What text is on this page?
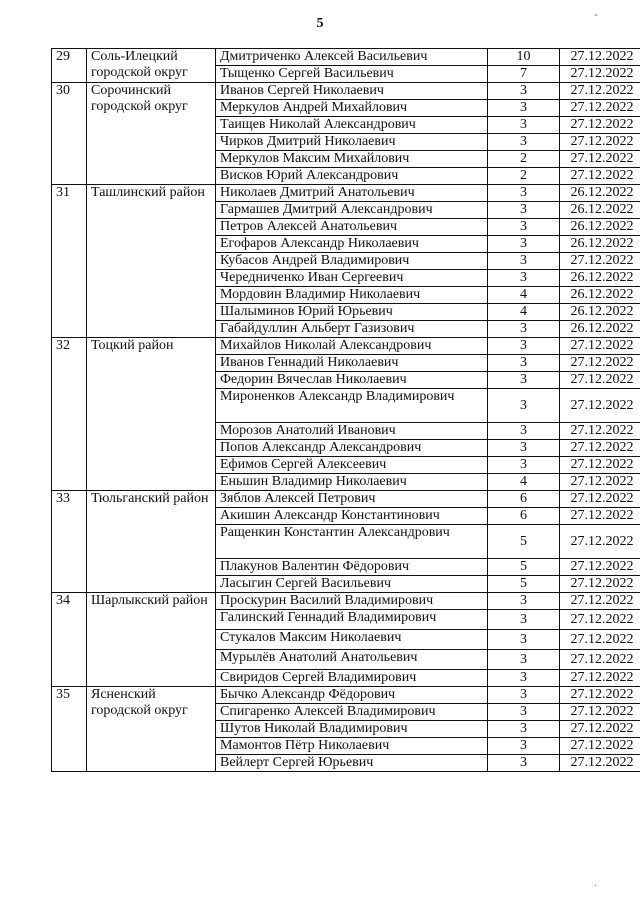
5
29	Соль-Илецкий городской округ	Дмитриченко Алексей Васильевич	10	27.12.2022
		Тыщенко Сергей Васильевич	7	27.12.2022
30	Сорочинский городской округ	Иванов Сергей Николаевич	3	27.12.2022
		Меркулов Андрей Михайлович	3	27.12.2022
		Таищев Николай Александрович	3	27.12.2022
		Чирков Дмитрий Николаевич	3	27.12.2022
		Меркулов Максим Михайлович	2	27.12.2022
		Висков Юрий Александрович	2	27.12.2022
31	Ташлинский район	Николаев Дмитрий Анатольевич	3	26.12.2022
		Гармашев Дмитрий Александрович	3	26.12.2022
		Петров Алексей Анатольевич	3	26.12.2022
		Егофаров Александр Николаевич	3	26.12.2022
		Кубасов Андрей Владимирович	3	27.12.2022
		Чередниченко Иван Сергеевич	3	26.12.2022
		Мордовин Владимир Николаевич	4	26.12.2022
		Шалыминов Юрий Юрьевич	4	26.12.2022
		Габайдуллин Альберт Газизович	3	26.12.2022
32	Тоцкий район	Михайлов Николай Александрович	3	27.12.2022
		Иванов Геннадий Николаевич	3	27.12.2022
		Федорин Вячеслав Николаевич	3	27.12.2022
		Мироненков Александр Владимирович	3	27.12.2022
		Морозов Анатолий Иванович	3	27.12.2022
		Попов Александр Александрович	3	27.12.2022
		Ефимов Сергей Алексеевич	3	27.12.2022
		Еньшин Владимир Николаевич	4	27.12.2022
33	Тюльганский район	Зяблов Алексей Петрович	6	27.12.2022
		Акишин Александр Константинович	6	27.12.2022
		Ращенкин Константин Александрович	5	27.12.2022
		Плакунов Валентин Фёдорович	5	27.12.2022
		Ласыгин Сергей Васильевич	5	27.12.2022
34	Шарлыкский район	Проскурин Василий Владимирович	3	27.12.2022
		Галинский Геннадий Владимирович	3	27.12.2022
		Стукалов Максим Николаевич	3	27.12.2022
		Мурылёв Анатолий Анатольевич	3	27.12.2022
		Свиридов Сергей Владимирович	3	27.12.2022
35	Ясненский городской округ	Бычко Александр Фёдорович	3	27.12.2022
		Спигаренко Алексей Владимирович	3	27.12.2022
		Шутов Николай Владимирович	3	27.12.2022
		Мамонтов Пётр Николаевич	3	27.12.2022
		Вейлерт Сергей Юрьевич	3	27.12.2022
-
.
